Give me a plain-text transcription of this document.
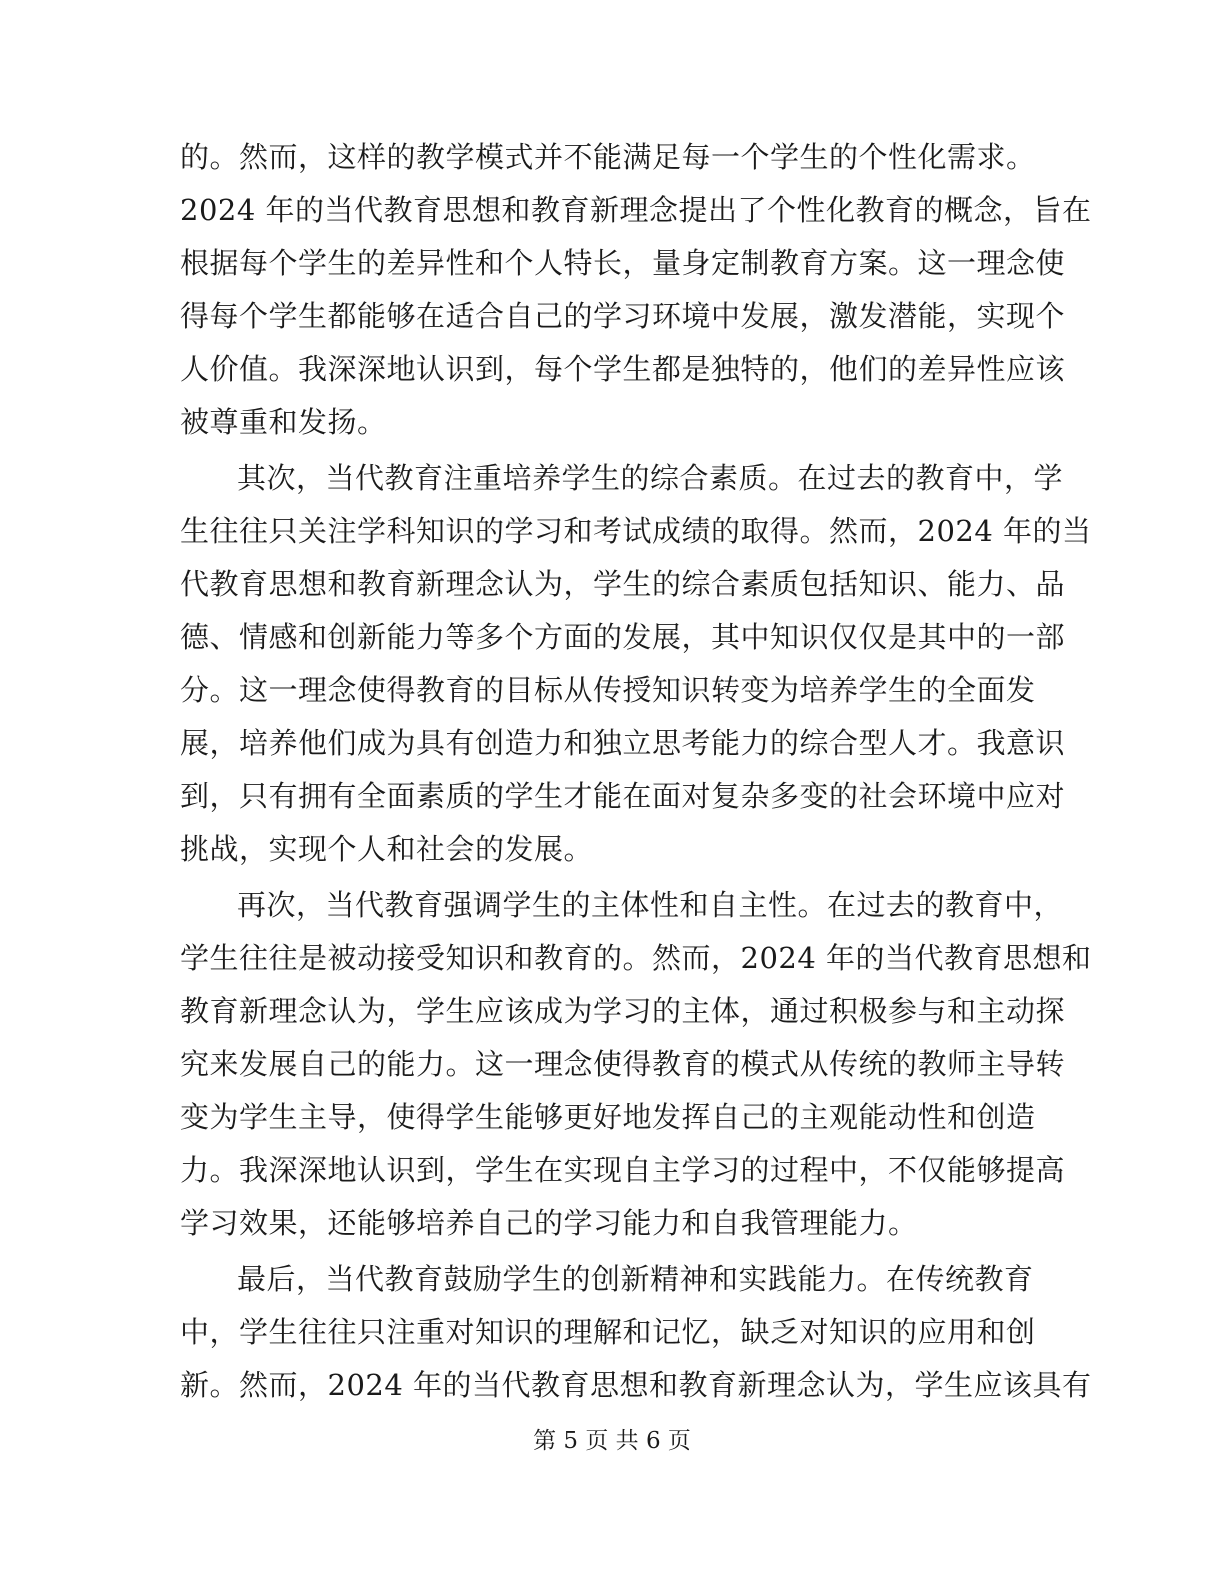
的。然而，这样的教学模式并不能满足每一个学生的个性化需求。
2024 年的当代教育思想和教育新理念提出了个性化教育的概念，旨在
根据每个学生的差异性和个人特长，量身定制教育方案。这一理念使
得每个学生都能够在适合自己的学习环境中发展，激发潜能，实现个
人价值。我深深地认识到，每个学生都是独特的，他们的差异性应该
被尊重和发扬。
其次，当代教育注重培养学生的综合素质。在过去的教育中，学
生往往只关注学科知识的学习和考试成绩的取得。然而，2024 年的当
代教育思想和教育新理念认为，学生的综合素质包括知识、能力、品
德、情感和创新能力等多个方面的发展，其中知识仅仅是其中的一部
分。这一理念使得教育的目标从传授知识转变为培养学生的全面发
展，培养他们成为具有创造力和独立思考能力的综合型人才。我意识
到，只有拥有全面素质的学生才能在面对复杂多变的社会环境中应对
挑战，实现个人和社会的发展。
再次，当代教育强调学生的主体性和自主性。在过去的教育中，
学生往往是被动接受知识和教育的。然而，2024 年的当代教育思想和
教育新理念认为，学生应该成为学习的主体，通过积极参与和主动探
究来发展自己的能力。这一理念使得教育的模式从传统的教师主导转
变为学生主导，使得学生能够更好地发挥自己的主观能动性和创造
力。我深深地认识到，学生在实现自主学习的过程中，不仅能够提高
学习效果，还能够培养自己的学习能力和自我管理能力。
最后，当代教育鼓励学生的创新精神和实践能力。在传统教育
中，学生往往只注重对知识的理解和记忆，缺乏对知识的应用和创
新。然而，2024 年的当代教育思想和教育新理念认为，学生应该具有
第 5 页 共 6 页
